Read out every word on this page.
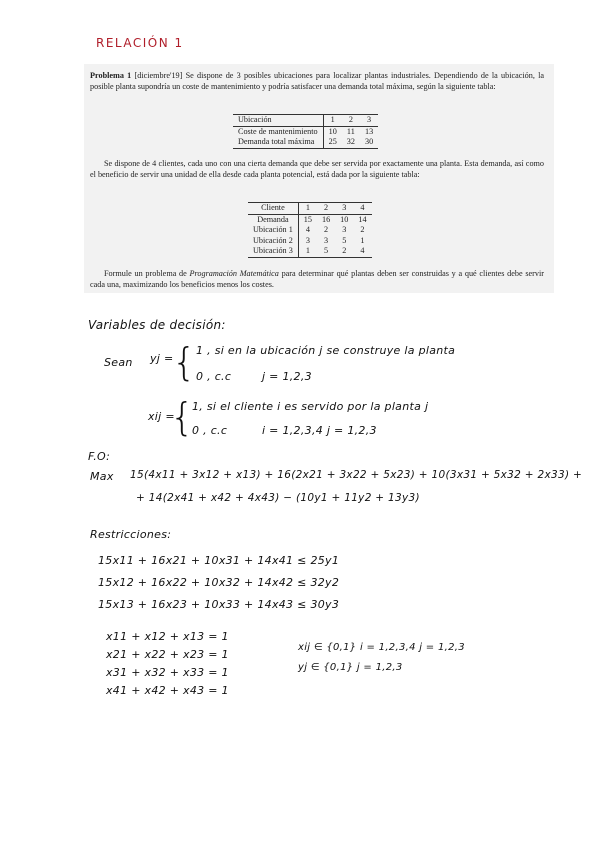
RELACIÓN 1
Problema 1 [diciembre'19] Se dispone de 3 posibles ubicaciones para localizar plantas industriales. Dependiendo de la ubicación, la posible planta supondría un coste de mantenimiento y podría satisfacer una demanda total máxima, según la siguiente tabla:
Ubicación	1	2	3
Coste de mantenimiento	10	11	13
Demanda total máxima	25	32	30
Se dispone de 4 clientes, cada uno con una cierta demanda que debe ser servida por exactamente una planta. Esta demanda, así como el beneficio de servir una unidad de ella desde cada planta potencial, está dada por la siguiente tabla:
Cliente	1	2	3	4
Demanda	15	16	10	14
Ubicación 1	4	2	3	2
Ubicación 2	3	3	5	1
Ubicación 3	1	5	2	4
Formule un problema de Programación Matemática para determinar qué plantas deben ser construidas y a qué clientes debe servir cada una, maximizando los beneficios menos los costes.
Variables de decisión:
Sean yj =
{ 1 , si en la ubicación j se construye la planta
0 , c.c	j = 1,2,3
xij =
{
1, si el cliente i es servido por la planta j
0 , c.c	i = 1,2,3,4 j = 1,2,3
F.O:
Max 15(4x11 + 3x12 + x13) + 16(2x21 + 3x22 + 5x23) + 10(3x31 + 5x32 + 2x33) +
+ 14(2x41 + x42 + 4x43) − (10y1 + 11y2 + 13y3)
Restricciones:
15x11 + 16x21 + 10x31 + 14x41 ≤ 25y1
15x12 + 16x22 + 10x32 + 14x42 ≤ 32y2
15x13 + 16x23 + 10x33 + 14x43 ≤ 30y3
x11 + x12 + x13 = 1
x21 + x22 + x23 = 1
x31 + x32 + x33 = 1
x41 + x42 + x43 = 1
xij ∈ {0,1} i = 1,2,3,4 j = 1,2,3
yj ∈ {0,1} j = 1,2,3
